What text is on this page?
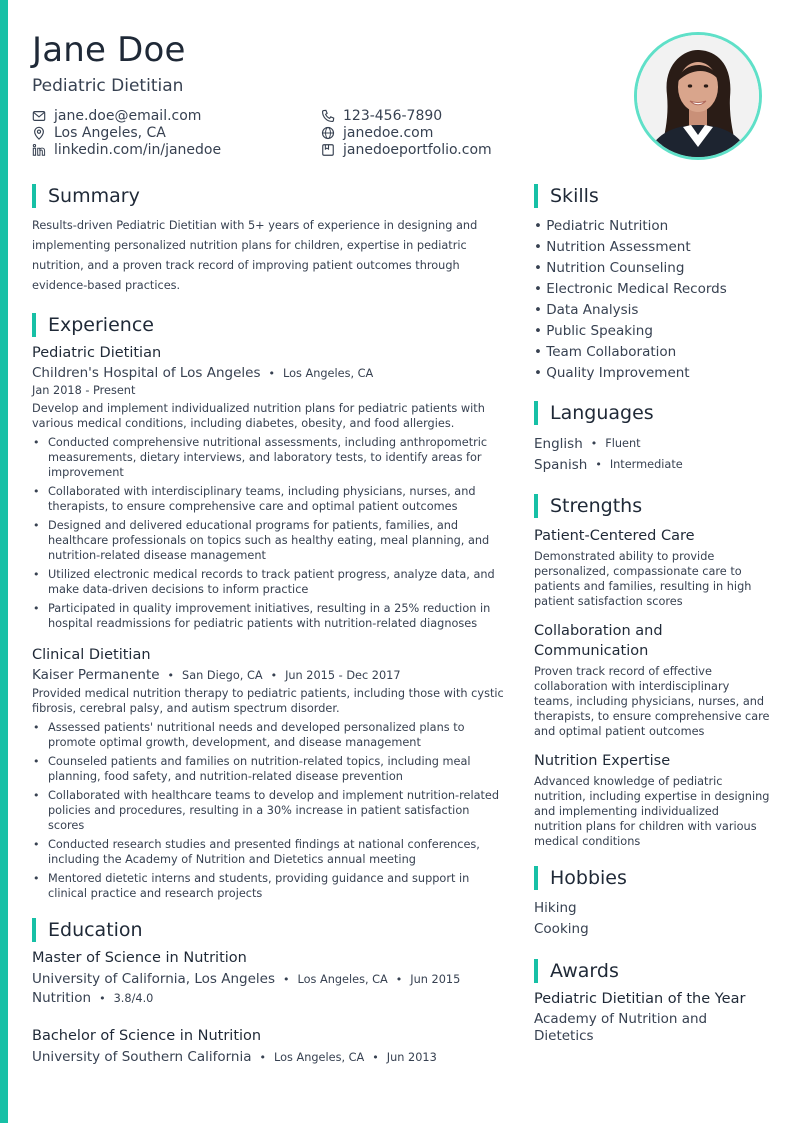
Jane Doe
Pediatric Dietitian
jane.doe@email.com
Los Angeles, CA
linkedin.com/in/janedoe
123-456-7890
janedoe.com
janedoeportfolio.com
Summary

Results-driven Pediatric Dietitian with 5+ years of experience in designing and implementing personalized nutrition plans for children, expertise in pediatric nutrition, and a proven track record of improving patient outcomes through evidence-based practices.

Experience
Pediatric Dietitian
Children's Hospital of Los Angeles • Los Angeles, CA
Jan 2018 - Present

Develop and implement individualized nutrition plans for pediatric patients with various medical conditions, including diabetes, obesity, and food allergies.

• Conducted comprehensive nutritional assessments, including anthropometric measurements, dietary interviews, and laboratory tests, to identify areas for improvement
• Collaborated with interdisciplinary teams, including physicians, nurses, and therapists, to ensure comprehensive care and optimal patient outcomes
• Designed and delivered educational programs for patients, families, and healthcare professionals on topics such as healthy eating, meal planning, and nutrition-related disease management
• Utilized electronic medical records to track patient progress, analyze data, and make data-driven decisions to inform practice
• Participated in quality improvement initiatives, resulting in a 25% reduction in hospital readmissions for pediatric patients with nutrition-related diagnoses
Clinical Dietitian
Kaiser Permanente • San Diego, CA • Jun 2015 - Dec 2017

Provided medical nutrition therapy to pediatric patients, including those with cystic fibrosis, cerebral palsy, and autism spectrum disorder.

• Assessed patients' nutritional needs and developed personalized plans to promote optimal growth, development, and disease management
• Counseled patients and families on nutrition-related topics, including meal planning, food safety, and nutrition-related disease prevention
• Collaborated with healthcare teams to develop and implement nutrition-related policies and procedures, resulting in a 30% increase in patient satisfaction scores
• Conducted research studies and presented findings at national conferences, including the Academy of Nutrition and Dietetics annual meeting
• Mentored dietetic interns and students, providing guidance and support in clinical practice and research projects
Education
Master of Science in Nutrition
University of California, Los Angeles • Los Angeles, CA • Jun 2015
Nutrition • 3.8/4.0
Bachelor of Science in Nutrition
University of Southern California • Los Angeles, CA • Jun 2013
Skills
• Pediatric Nutrition
• Nutrition Assessment
• Nutrition Counseling
• Electronic Medical Records
• Data Analysis
• Public Speaking
• Team Collaboration
• Quality Improvement
Languages
English • Fluent
Spanish • Intermediate
Strengths
Patient-Centered Care
Demonstrated ability to provide personalized, compassionate care to patients and families, resulting in high patient satisfaction scores
Collaboration and Communication
Proven track record of effective collaboration with interdisciplinary teams, including physicians, nurses, and therapists, to ensure comprehensive care and optimal patient outcomes
Nutrition Expertise
Advanced knowledge of pediatric nutrition, including expertise in designing and implementing individualized nutrition plans for children with various medical conditions
Hobbies
Hiking
Cooking
Awards
Pediatric Dietitian of the Year
Academy of Nutrition and Dietetics
